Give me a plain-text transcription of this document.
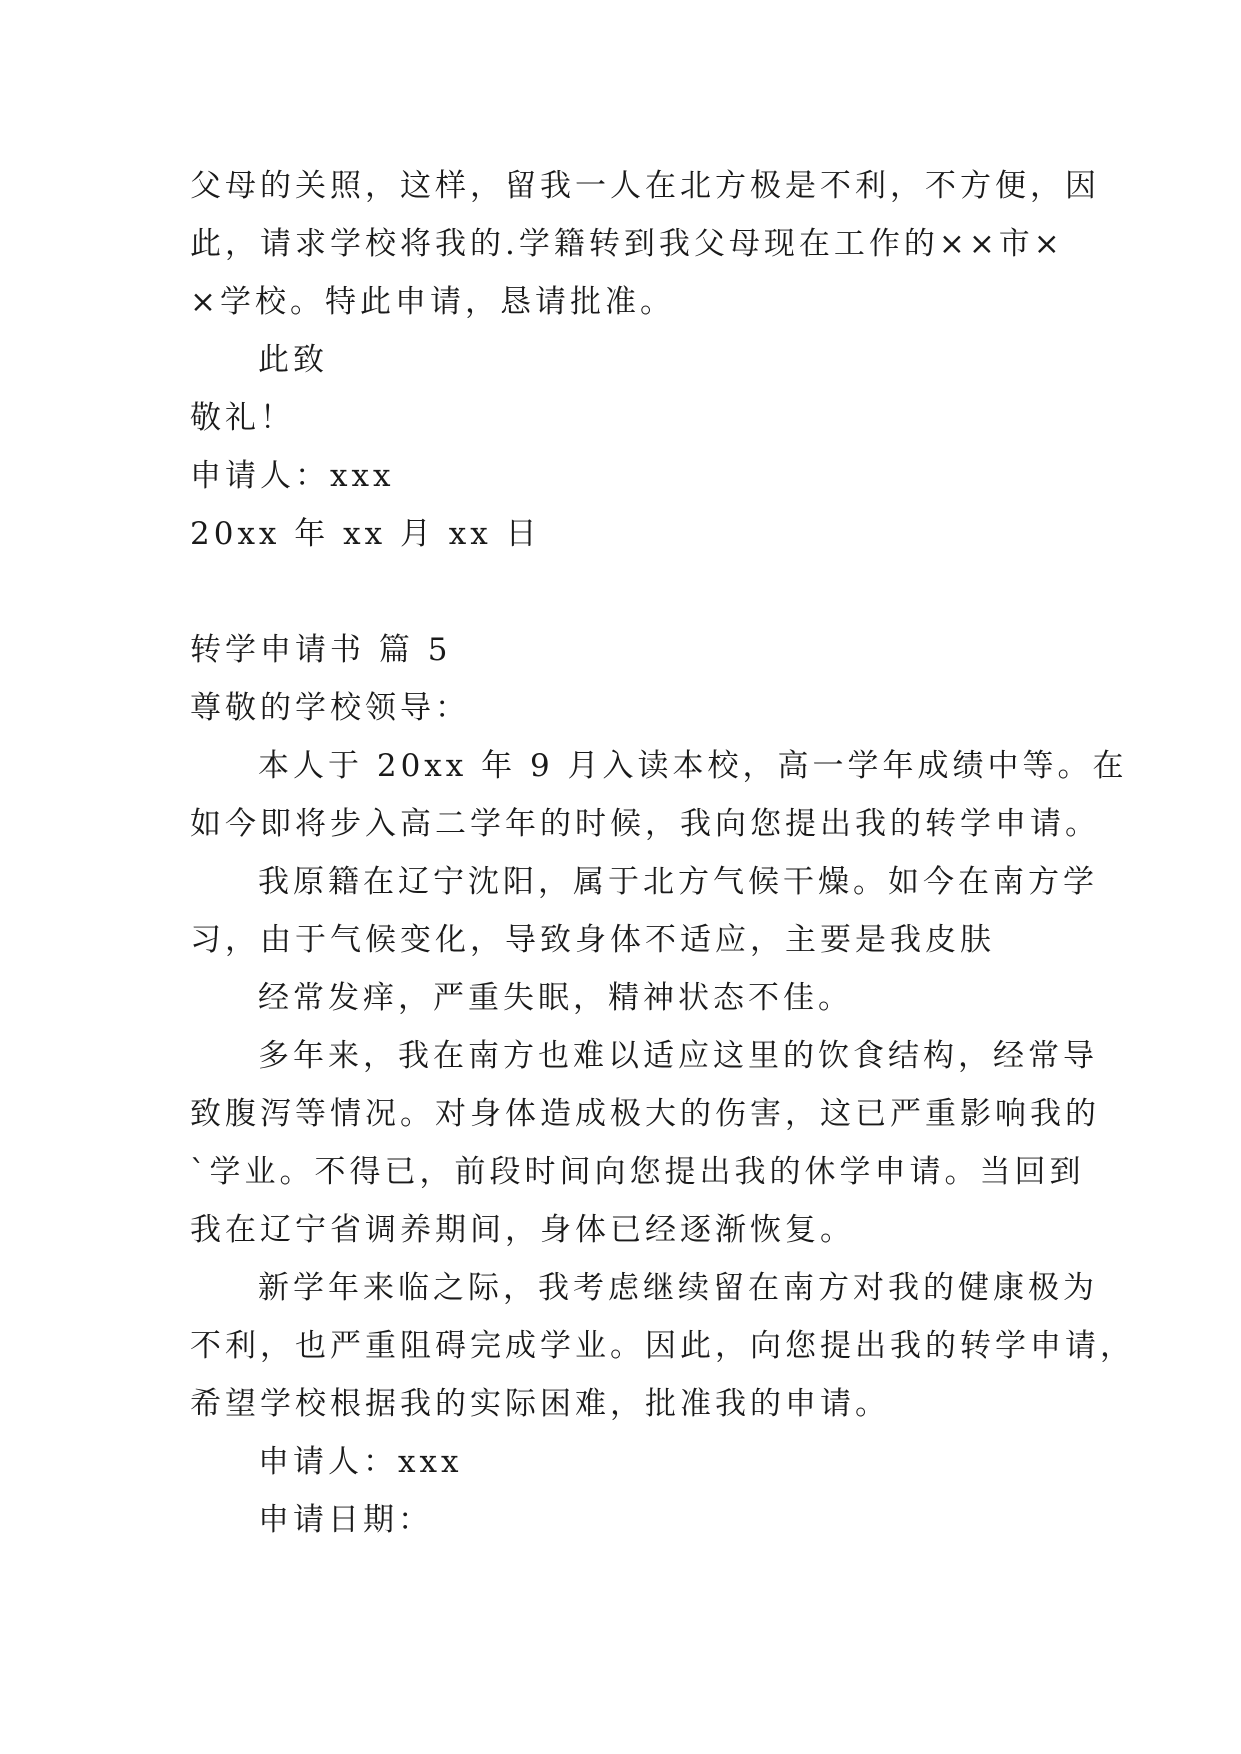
父母的关照，这样，留我一人在北方极是不利，不方便，因
此，请求学校将我的.学籍转到我父母现在工作的××市×
×学校。特此申请，恳请批准。
此致
敬礼！
申请人：xxx
20xx 年 xx 月 xx 日
转学申请书 篇 5
尊敬的学校领导：
本人于 20xx 年 9 月入读本校，高一学年成绩中等。在
如今即将步入高二学年的时候，我向您提出我的转学申请。
我原籍在辽宁沈阳，属于北方气候干燥。如今在南方学
习，由于气候变化，导致身体不适应，主要是我皮肤
经常发痒，严重失眠，精神状态不佳。
多年来，我在南方也难以适应这里的饮食结构，经常导
致腹泻等情况。对身体造成极大的伤害，这已严重影响我的
`学业。不得已，前段时间向您提出我的休学申请。当回到
我在辽宁省调养期间，身体已经逐渐恢复。
新学年来临之际，我考虑继续留在南方对我的健康极为
不利，也严重阻碍完成学业。因此，向您提出我的转学申请，
希望学校根据我的实际困难，批准我的申请。
申请人：xxx
申请日期：
